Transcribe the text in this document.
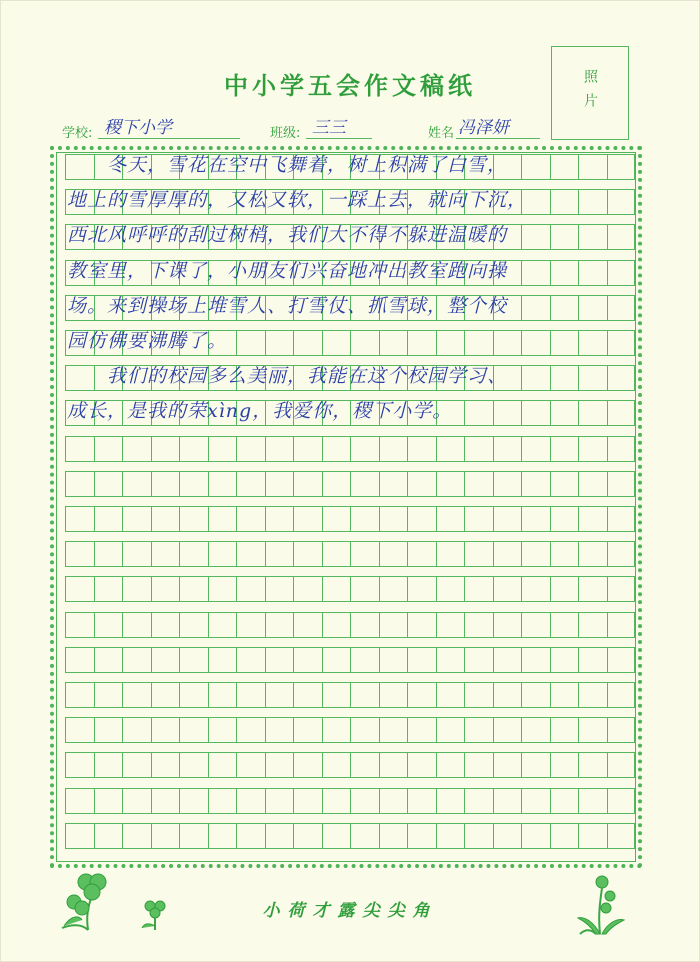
中小学五会作文稿纸	照片
学校: 稷下小学	班级: 三三	姓名 冯泽妍
　　冬天，雪花在空中飞舞着，树上积满了白雪，
地上的雪厚厚的，又松又软，一踩上去，就向下沉，
西北风呼呼的刮过树梢，我们大不得不躲进温暖的
教室里，下课了，小朋友们兴奋地冲出教室跑向操
场。来到操场上堆雪人、打雪仗、抓雪球，整个校
园仿佛要沸腾了。
　　我们的校园多么美丽，我能在这个校园学习、
成长，是我的荣xìng，我爱你，稷下小学。
小荷才露尖尖角
